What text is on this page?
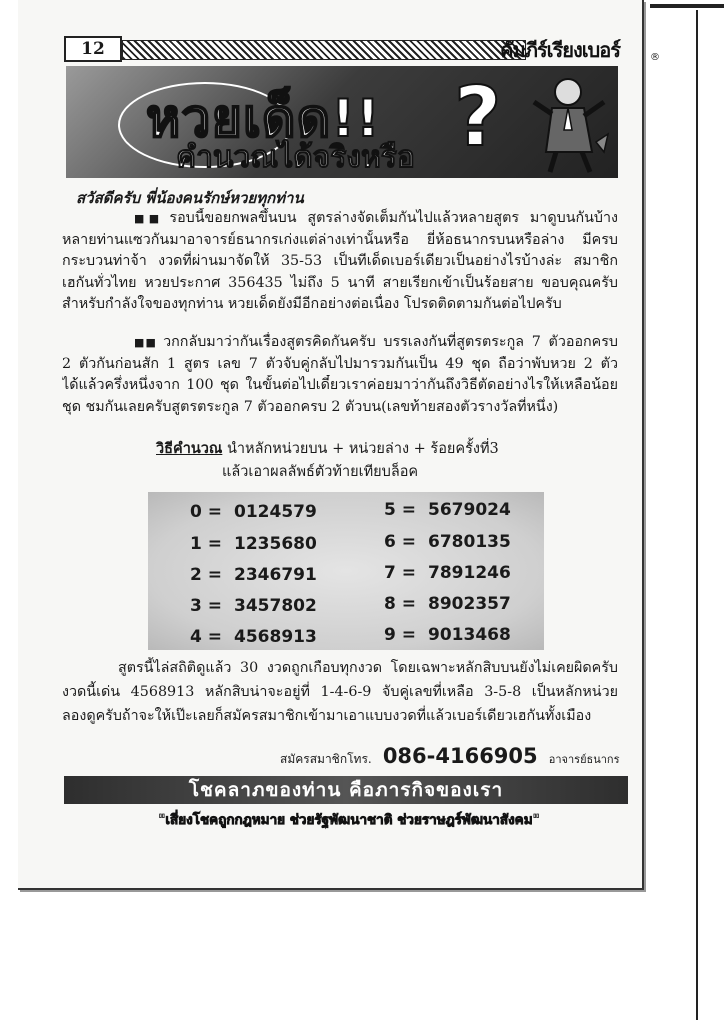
12	คัมภีร์เรียงเบอร์	®
หวยเด็ด!!
คำนวณได้จริงหรือ ?
สวัสดีครับ พี่น้องคนรักษ์หวยทุกท่าน
■■ รอบนี้ขอยกพลขึ้นบน สูตรล่างจัดเต็มกันไปแล้วหลายสูตร มาดูบนกันบ้าง
หลายท่านแซวกันมาอาจารย์ธนากรเก่งแต่ล่างเท่านั้นหรือ ยี่ห้อธนากรบนหรือล่าง มีครบ
กระบวนท่าจ้า งวดที่ผ่านมาจัดให้ 35-53 เป็นทีเด็ดเบอร์เดียวเป็นอย่างไรบ้างล่ะ สมาชิก
เฮกันทั่วไทย หวยประกาศ 356435 ไม่ถึง 5 นาที สายเรียกเข้าเป็นร้อยสาย ขอบคุณครับ
สำหรับกำลังใจของทุกท่าน หวยเด็ดยังมีอีกอย่างต่อเนื่อง โปรดติดตามกันต่อไปครับ
■■ วกกลับมาว่ากันเรื่องสูตรคิดกันครับ บรรเลงกันที่สูตรตระกูล 7 ตัวออกครบ
2 ตัวกันก่อนสัก 1 สูตร เลข 7 ตัวจับคู่กลับไปมารวมกันเป็น 49 ชุด ถือว่าพับหวย 2 ตัว
ได้แล้วครึ่งหนึ่งจาก 100 ชุด ในขั้นต่อไปเดี๋ยวเราค่อยมาว่ากันถึงวิธีตัดอย่างไรให้เหลือน้อย
ชุด ชมกันเลยครับสูตรตระกูล 7 ตัวออกครบ 2 ตัวบน(เลขท้ายสองตัวรางวัลที่หนึ่ง)
วิธีคำนวณ นำหลักหน่วยบน + หน่วยล่าง + ร้อยครั้งที่3
แล้วเอาผลลัพธ์ตัวท้ายเทียบล็อค
0 = 0124579
1 = 1235680
2 = 2346791
3 = 3457802
4 = 4568913
5 = 5679024
6 = 6780135
7 = 7891246
8 = 8902357
9 = 9013468
สูตรนี้ไล่สถิติดูแล้ว 30 งวดถูกเกือบทุกงวด โดยเฉพาะหลักสิบบนยังไม่เคยผิดครับ
งวดนี้เด่น 4568913 หลักสิบน่าจะอยู่ที่ 1-4-6-9 จับคู่เลขที่เหลือ 3-5-8 เป็นหลักหน่วย
ลองดูครับถ้าจะให้เป๊ะเลยก็สมัครสมาชิกเข้ามาเอาแบบงวดที่แล้วเบอร์เดียวเฮกันทั้งเมือง
สมัครสมาชิกโทร. 086-4166905 อาจารย์ธนากร
โชคลาภของท่าน คือภารกิจของเรา
"เสี่ยงโชคถูกกฎหมาย ช่วยรัฐพัฒนาชาติ ช่วยราษฎร์พัฒนาสังคม"
